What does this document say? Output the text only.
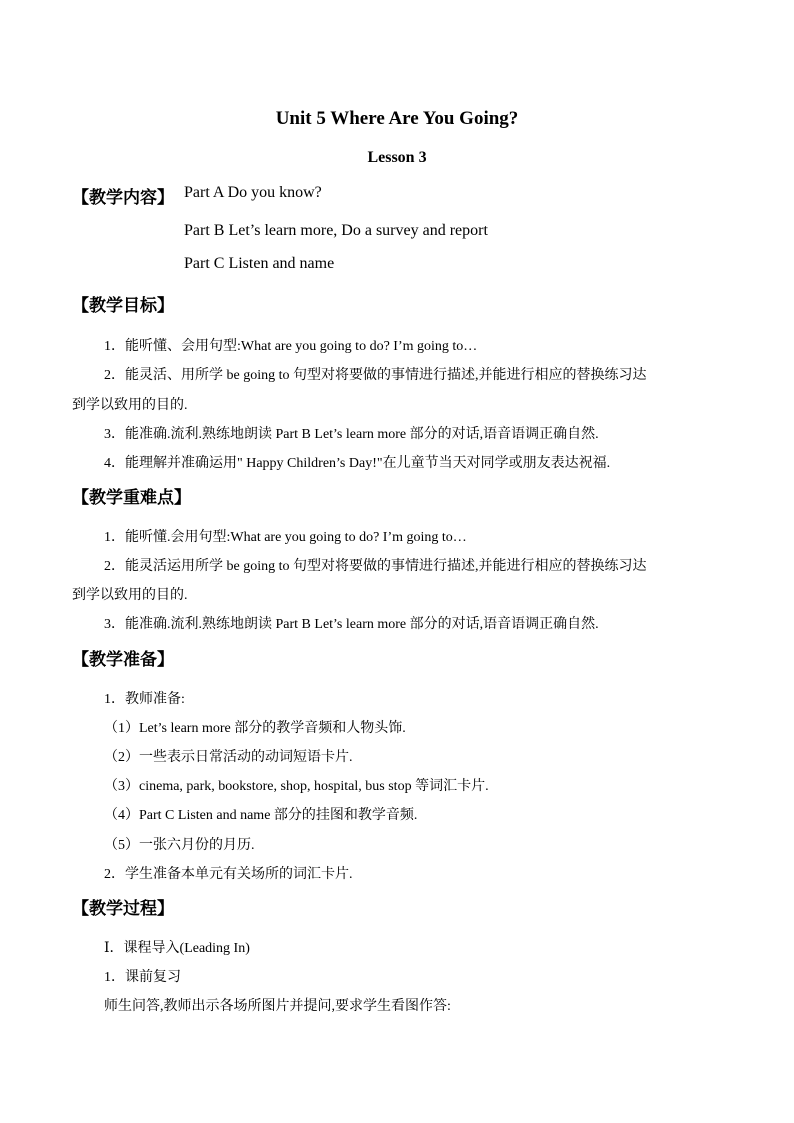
Unit 5 Where Are You Going?
Lesson 3
【教学内容】 Part A Do you know?
Part B Let’s learn more, Do a survey and report
Part C Listen and name
【教学目标】
1．能听懂、会用句型:What are you going to do? I’m going to…
2．能灵活、用所学 be going to 句型对将要做的事情进行描述,并能进行相应的替换练习达
到学以致用的目的.
3．能准确.流利.熟练地朗读 Part B Let’s learn more 部分的对话,语音语调正确自然.
4．能理解并准确运用" Happy Children’s Day!"在儿童节当天对同学或朋友表达祝福.
【教学重难点】
1．能听懂.会用句型:What are you going to do? I’m going to…
2．能灵活运用所学 be going to 句型对将要做的事情进行描述,并能进行相应的替换练习达
到学以致用的目的.
3．能准确.流利.熟练地朗读 Part B Let’s learn more 部分的对话,语音语调正确自然.
【教学准备】
1．教师准备:
（1）Let’s learn more 部分的教学音频和人物头饰.
（2）一些表示日常活动的动词短语卡片.
（3）cinema, park, bookstore, shop, hospital, bus stop 等词汇卡片.
（4）Part C Listen and name 部分的挂图和教学音频.
（5）一张六月份的月历.
2．学生准备本单元有关场所的词汇卡片.
【教学过程】
Ⅰ．课程导入(Leading In)
1．课前复习
师生问答,教师出示各场所图片并提问,要求学生看图作答:
